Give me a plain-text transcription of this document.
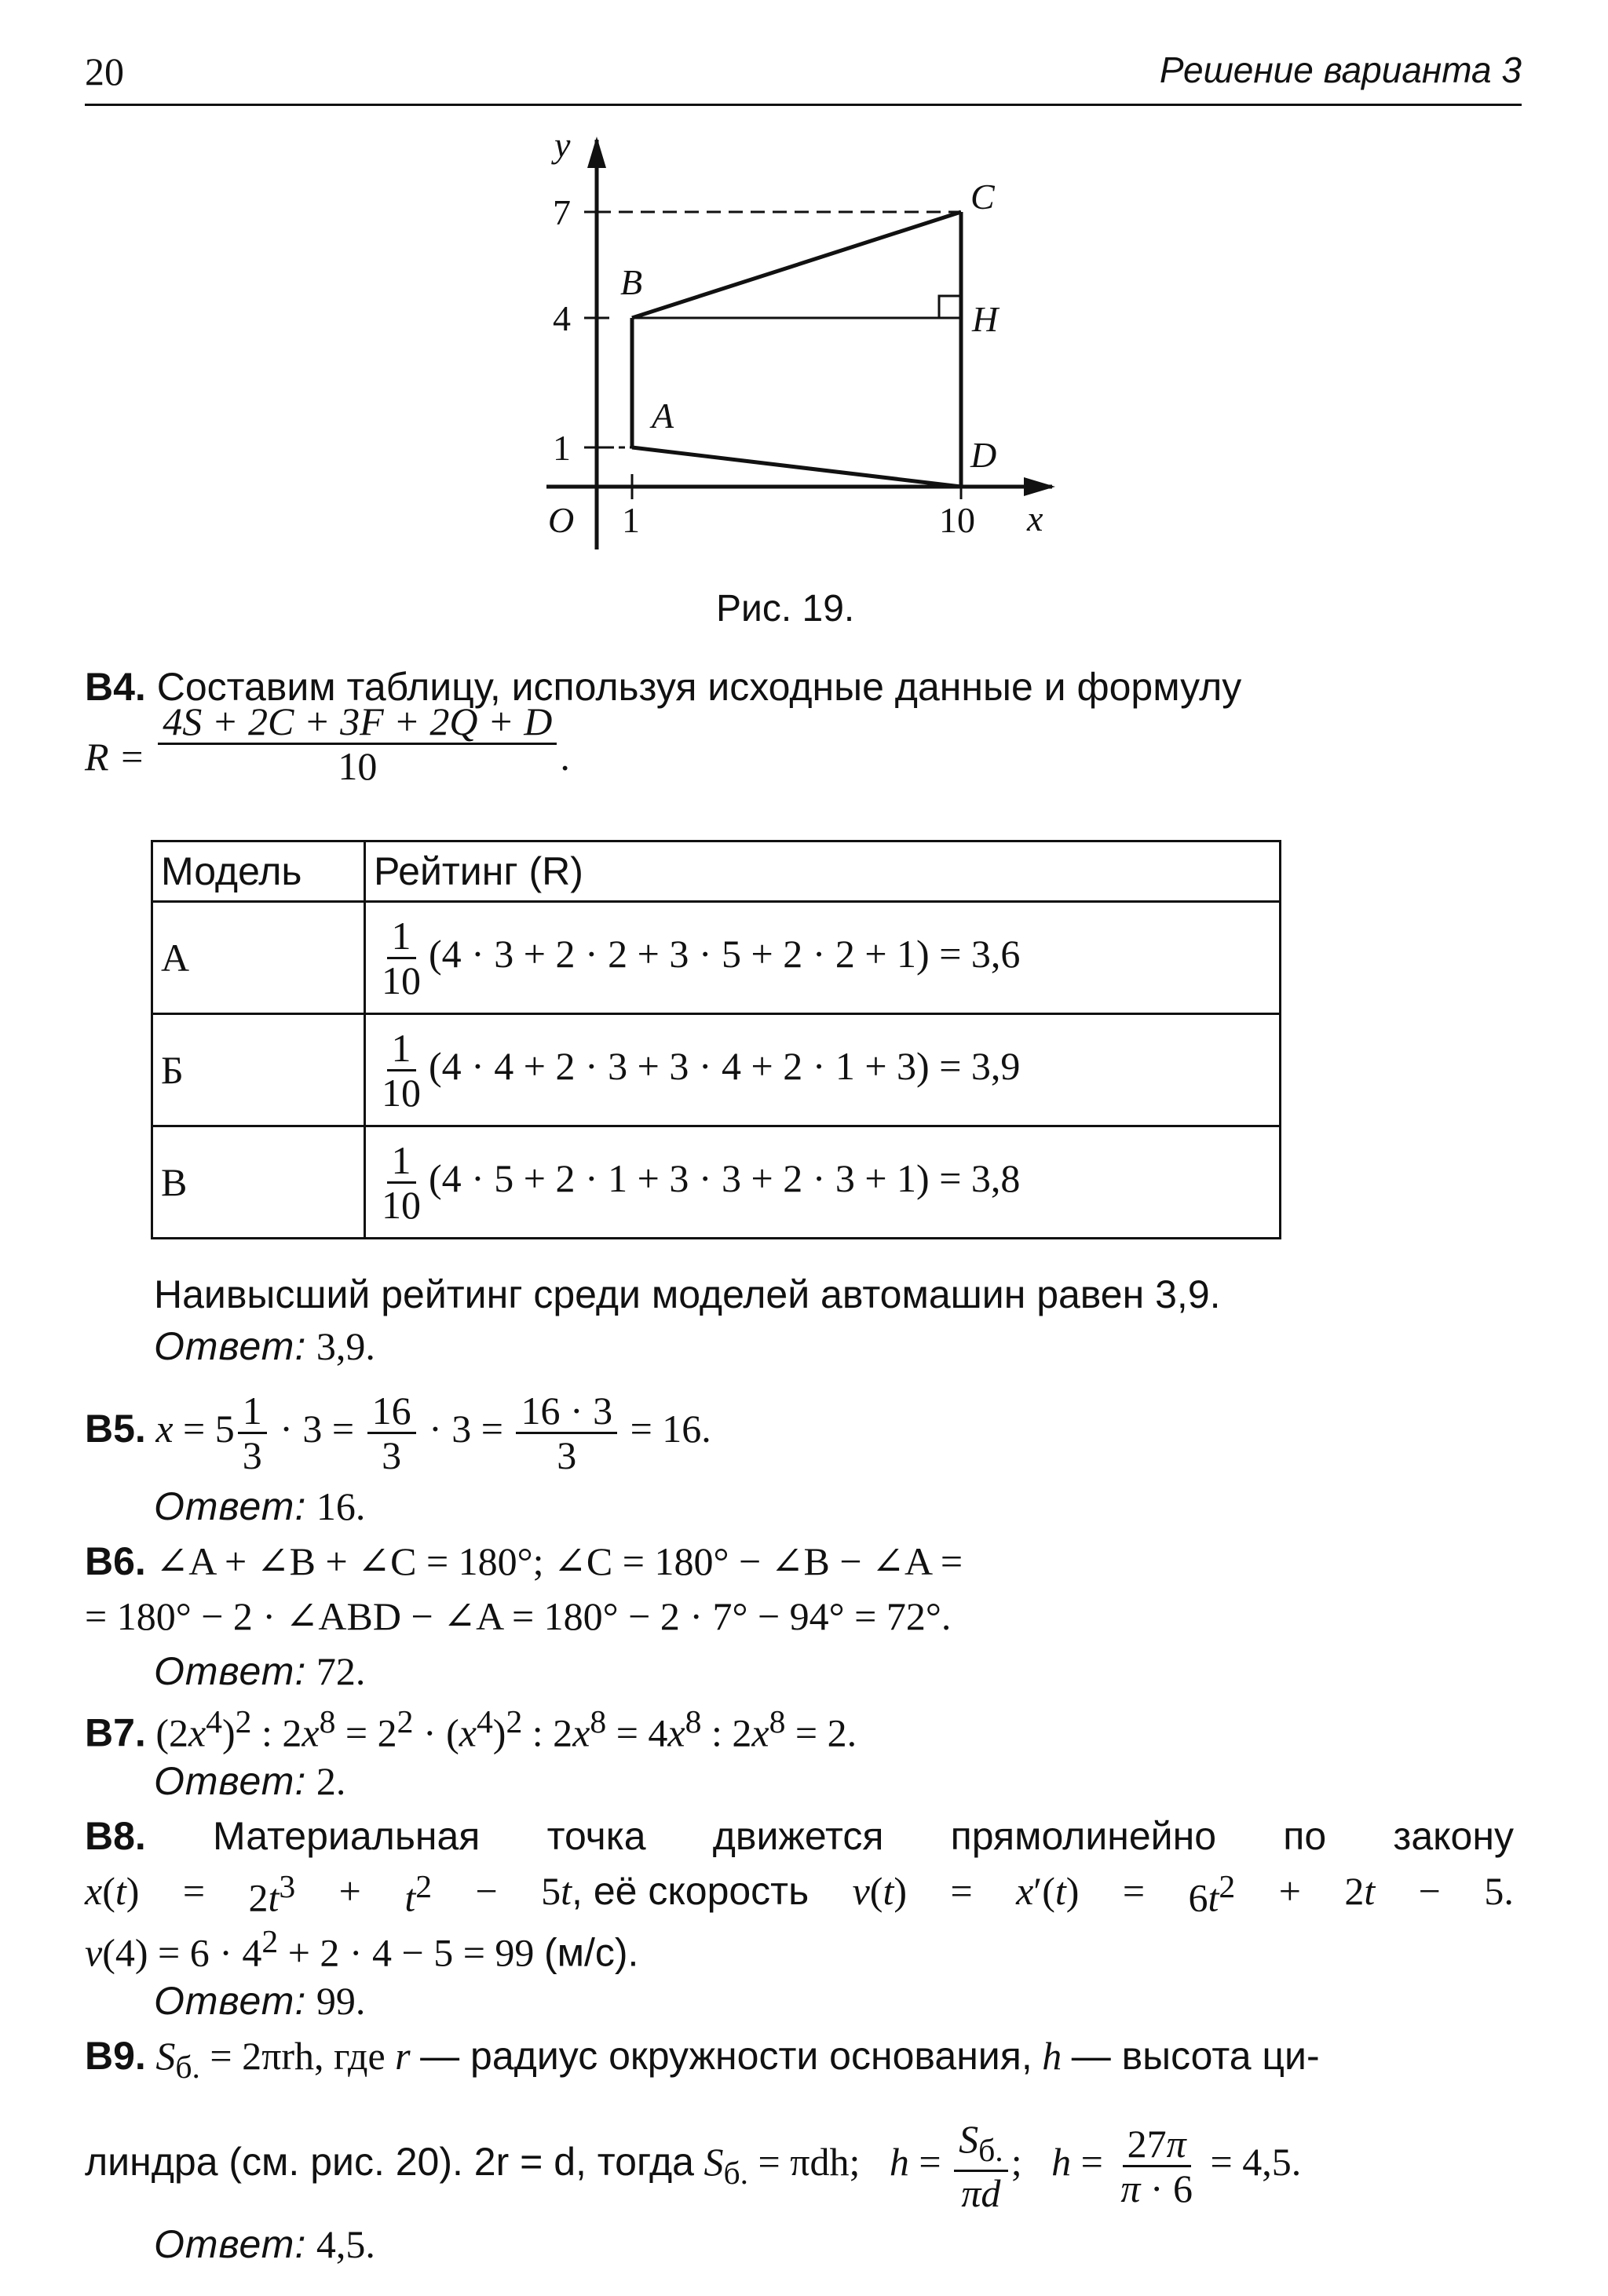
20	Решение варианта 3
y
7
4
1
O 1	10 x
A
B
C
D
H
Рис. 19.
B4. Составим таблицу, используя исходные данные и формулу
$R = \frac{4S + 2C + 3F + 2Q + D}{10}$ .
Модель	Рейтинг (R)
А	$\frac{1}{10} (4 \cdot 3 + 2 \cdot 2 + 3 \cdot 5 + 2 \cdot 2 + 1) = 3,6$
Б	$\frac{1}{10} (4 \cdot 4 + 2 \cdot 3 + 3 \cdot 4 + 2 \cdot 1 + 3) = 3,9$
В	$\frac{1}{10} (4 \cdot 5 + 2 \cdot 1 + 3 \cdot 3 + 2 \cdot 3 + 1) = 3,8$
Наивысший рейтинг среди моделей автомашин равен 3,9.
Ответ: 3,9.
B5. $x = 5 \frac{1}{3} \cdot 3 = \frac{16}{3} \cdot 3 = \frac{16 \cdot 3}{3} = 16$.
Ответ: 16.
B6. ∠A + ∠B + ∠C = 180°; ∠C = 180° − ∠B − ∠A =
= 180° − 2 · ∠ABD − ∠A = 180° − 2 · 7° − 94° = 72°.
Ответ: 72.
B7. $(2x^4)^2$ : $2x^8 = 2^2 \cdot (x^4)^2$ : $2x^8 = 4x^8$ : $2x^8 = 2$.
Ответ: 2.
B8. Материальная точка движется прямолинейно по закону
$x(t) = 2t^3 + t^2 - 5t$, её скорость $v(t) = x'(t) = 6t^2 + 2t - 5$.
$v(4) = 6 \cdot 4^2 + 2 \cdot 4 - 5 = 99$ (м/с).
Ответ: 99.
B9. $S_{б.} = 2\pi rh$, где r — радиус окружности основания, h — высота ци-
линдра (см. рис. 20). 2r = d, тогда $S_{б.} = \pi dh$; $h = \frac{S_{б.}}{\pi d}$ ;   $h = \frac{27\pi}{\pi \cdot 6} = 4,5$.
Ответ: 4,5.
